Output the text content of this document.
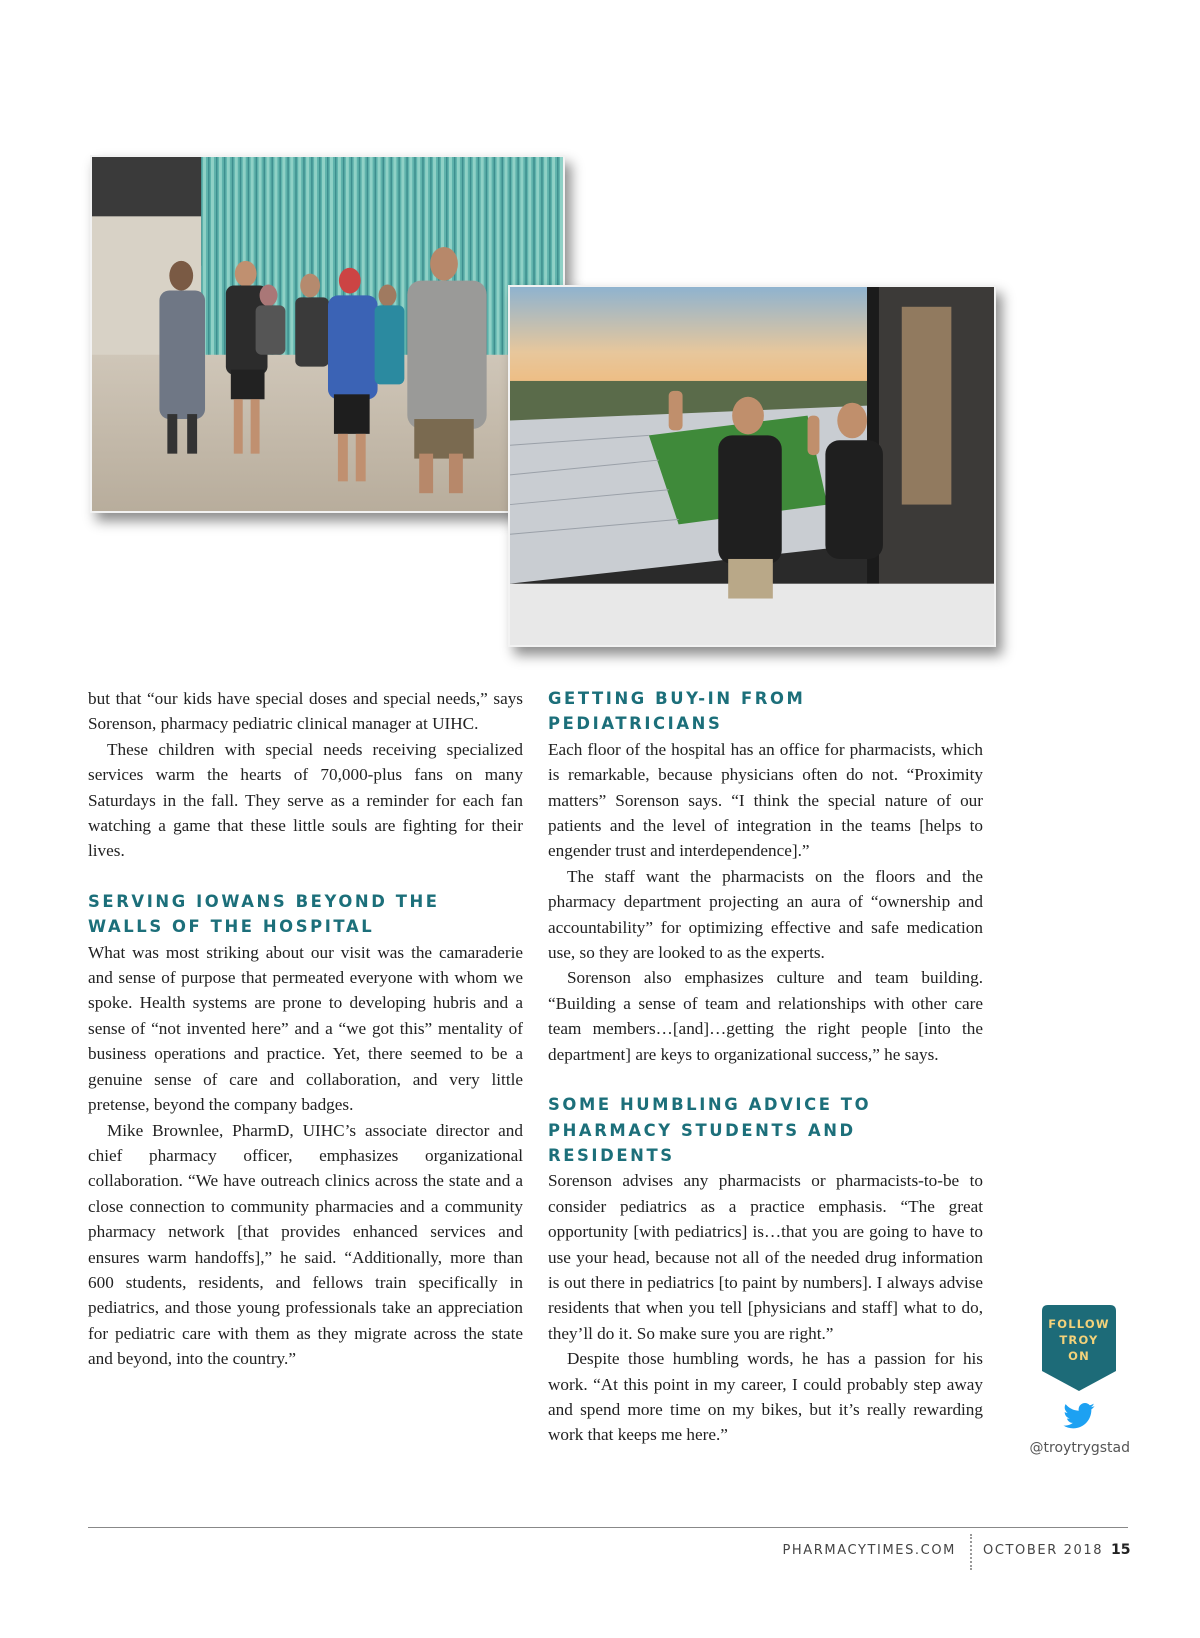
but that “our kids have special doses and special needs,” says Sorenson, pharmacy pediatric clinical manager at UIHC.

These children with special needs receiving specialized services warm the hearts of 70,000-plus fans on many Saturdays in the fall. They serve as a reminder for each fan watching a game that these little souls are fighting for their lives.

SERVING IOWANS BEYOND THE WALLS OF THE HOSPITAL

What was most striking about our visit was the camaraderie and sense of purpose that permeated everyone with whom we spoke. Health systems are prone to developing hubris and a sense of “not invented here” and a “we got this” mentality of business operations and practice. Yet, there seemed to be a genuine sense of care and collaboration, and very little pretense, beyond the company badges.

Mike Brownlee, PharmD, UIHC’s associate director and chief pharmacy officer, emphasizes organizational collaboration. “We have outreach clinics across the state and a close connection to community pharmacies and a community pharmacy network [that provides enhanced services and ensures warm handoffs],” he said. “Additionally, more than 600 students, residents, and fellows train specifically in pediatrics, and those young professionals take an appreciation for pediatric care with them as they migrate across the state and beyond, into the country.”

GETTING BUY-IN FROM PEDIATRICIANS

Each floor of the hospital has an office for pharmacists, which is remarkable, because physicians often do not. “Proximity matters” Sorenson says. “I think the special nature of our patients and the level of integration in the teams [helps to engender trust and interdependence].”

The staff want the pharmacists on the floors and the pharmacy department projecting an aura of “ownership and accountability” for optimizing effective and safe medication use, so they are looked to as the experts.

Sorenson also emphasizes culture and team building. “Building a sense of team and relationships with other care team members…[and]…getting the right people [into the department] are keys to organizational success,” he says.

SOME HUMBLING ADVICE TO PHARMACY STUDENTS AND RESIDENTS

Sorenson advises any pharmacists or pharmacists-to-be to consider pediatrics as a practice emphasis. “The great opportunity [with pediatrics] is…that you are going to have to use your head, because not all of the needed drug information is out there in pediatrics [to paint by numbers]. I always advise residents that when you tell [physicians and staff] what to do, they’ll do it. So make sure you are right.”

Despite those humbling words, he has a passion for his work. “At this point in my career, I could probably step away and spend more time on my bikes, but it’s really rewarding work that keeps me here.”

FOLLOW
TROY
ON
@troytrygstad
PHARMACYTIMES.COM OCTOBER 2018 15
